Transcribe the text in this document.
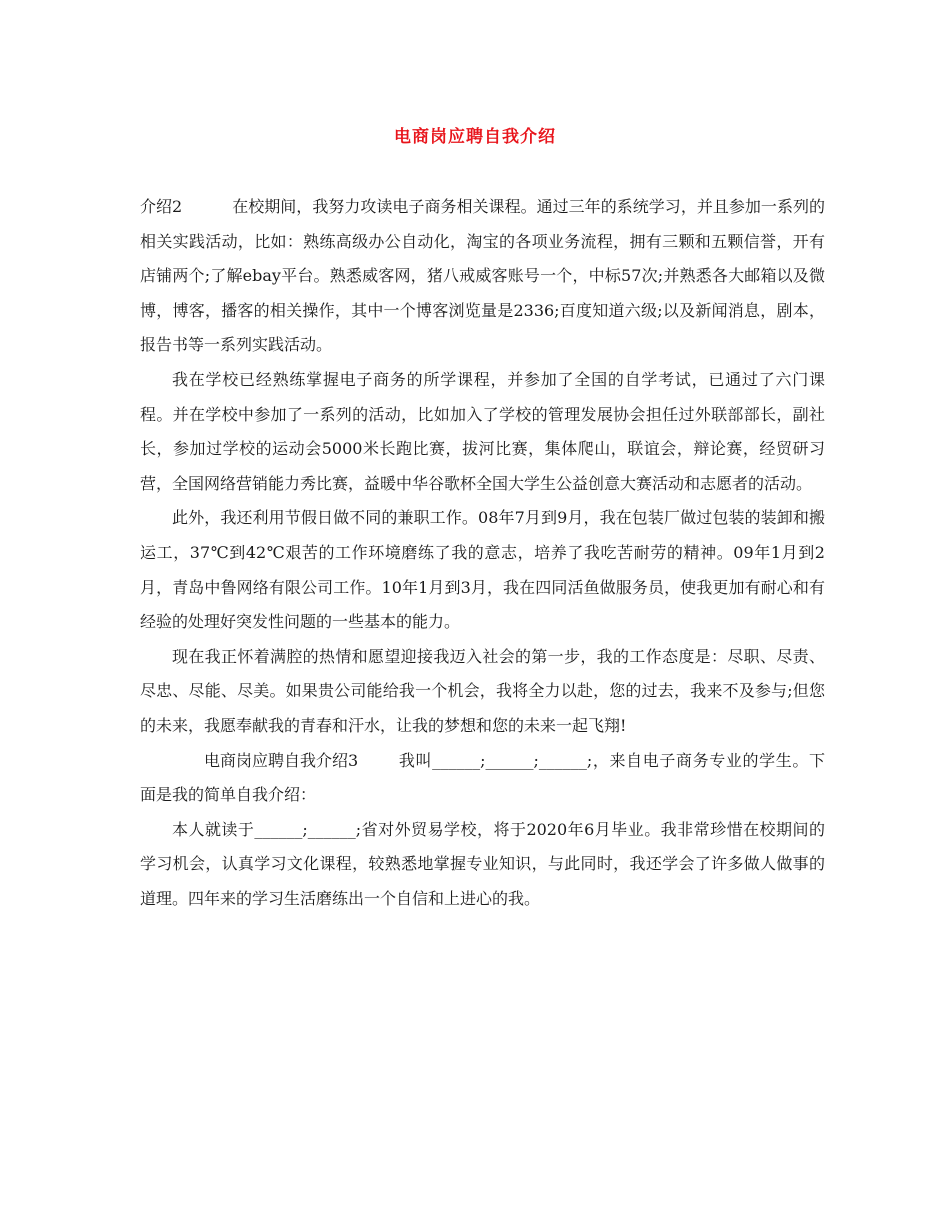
电商岗应聘自我介绍

介绍2	在校期间，我努力攻读电子商务相关课程。通过三年的系统学习，并且参加一系列的相关实践活动，比如：熟练高级办公自动化，淘宝的各项业务流程，拥有三颗和五颗信誉，开有店铺两个;了解ebay平台。熟悉威客网，猪八戒威客账号一个，中标57次;并熟悉各大邮箱以及微博，博客，播客的相关操作，其中一个博客浏览量是2336;百度知道六级;以及新闻消息，剧本，报告书等一系列实践活动。

我在学校已经熟练掌握电子商务的所学课程，并参加了全国的自学考试，已通过了六门课程。并在学校中参加了一系列的活动，比如加入了学校的管理发展协会担任过外联部部长，副社长，参加过学校的运动会5000米长跑比赛，拔河比赛，集体爬山，联谊会，辩论赛，经贸研习营，全国网络营销能力秀比赛，益暖中华谷歌杯全国大学生公益创意大赛活动和志愿者的活动。

此外，我还利用节假日做不同的兼职工作。08年7月到9月，我在包装厂做过包装的装卸和搬运工，37℃到42℃艰苦的工作环境磨练了我的意志，培养了我吃苦耐劳的精神。09年1月到2月，青岛中鲁网络有限公司工作。10年1月到3月，我在四同活鱼做服务员，使我更加有耐心和有经验的处理好突发性问题的一些基本的能力。

现在我正怀着满腔的热情和愿望迎接我迈入社会的第一步，我的工作态度是：尽职、尽责、尽忠、尽能、尽美。如果贵公司能给我一个机会，我将全力以赴，您的过去，我来不及参与;但您的未来，我愿奉献我的青春和汗水，让我的梦想和您的未来一起飞翔!

电商岗应聘自我介绍3	我叫______;______;______;，来自电子商务专业的学生。下面是我的简单自我介绍：

本人就读于______;______;省对外贸易学校，将于2020年6月毕业。我非常珍惜在校期间的学习机会，认真学习文化课程，较熟悉地掌握专业知识，与此同时，我还学会了许多做人做事的道理。四年来的学习生活磨练出一个自信和上进心的我。
